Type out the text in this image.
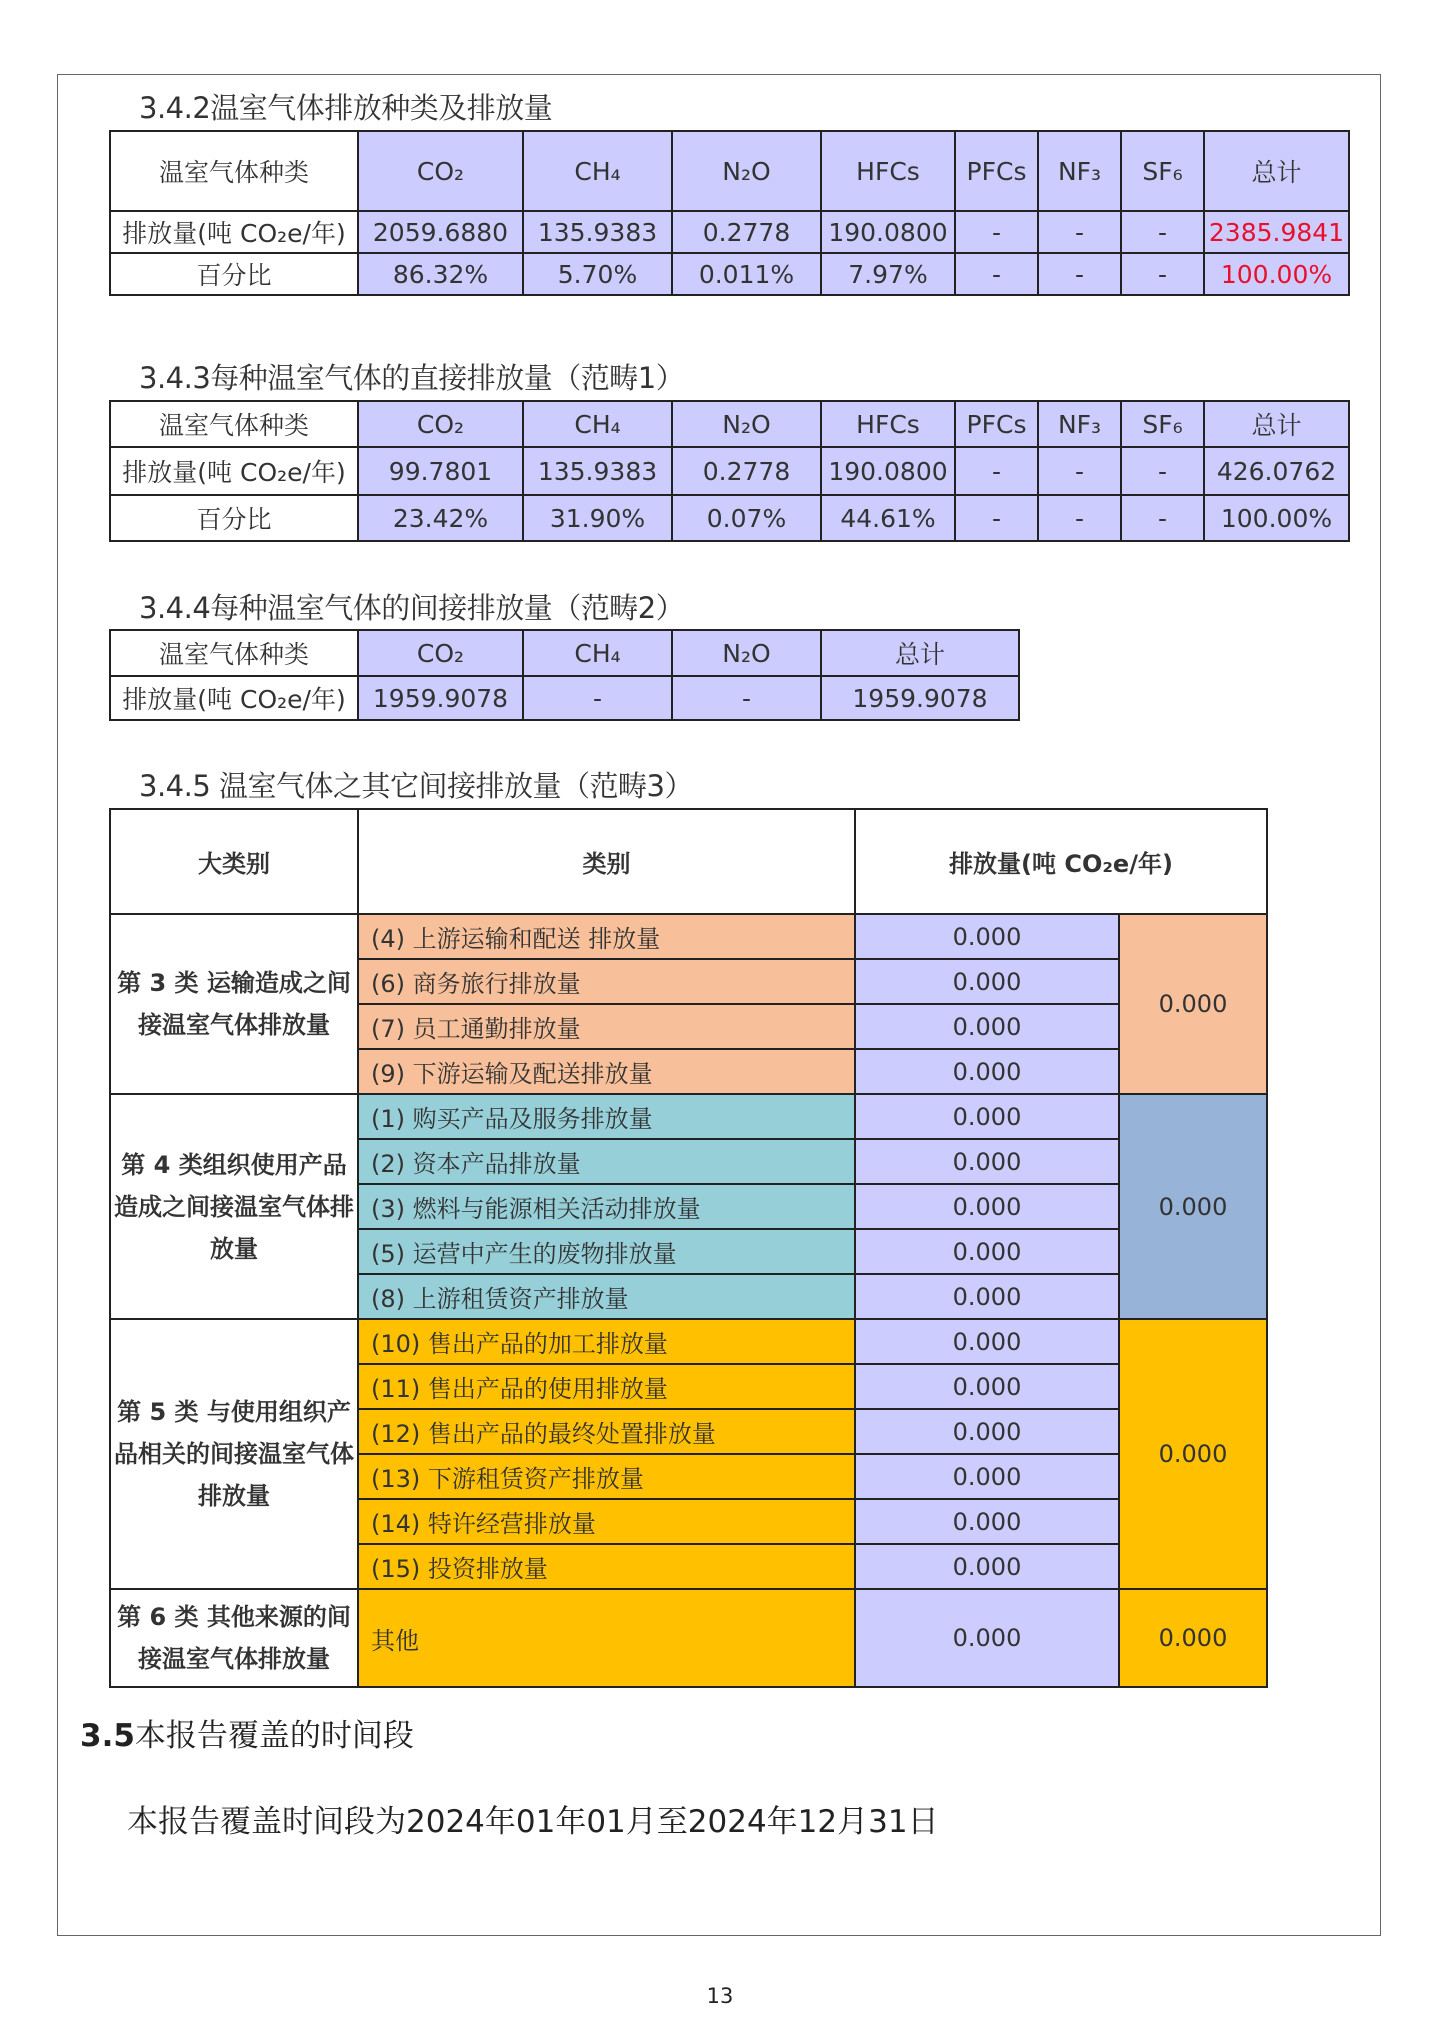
3.4.2温室气体排放种类及排放量
温室气体种类	CO₂	CH₄	N₂O	HFCs	PFCs	NF₃	SF₆	总计
排放量(吨 CO₂e/年)	2059.6880	135.9383	0.2778	190.0800	-	-	-	2385.9841
百分比	86.32%	5.70%	0.011%	7.97%	-	-	-	100.00%
3.4.3每种温室气体的直接排放量（范畴1）
温室气体种类	CO₂	CH₄	N₂O	HFCs	PFCs	NF₃	SF₆	总计
排放量(吨 CO₂e/年)	99.7801	135.9383	0.2778	190.0800	-	-	-	426.0762
百分比	23.42%	31.90%	0.07%	44.61%	-	-	-	100.00%
3.4.4每种温室气体的间接排放量（范畴2）
温室气体种类	CO₂	CH₄	N₂O	总计
排放量(吨 CO₂e/年)	1959.9078	-	-	1959.9078
3.4.5 温室气体之其它间接排放量（范畴3）
大类别	类别	排放量(吨 CO₂e/年)	
第 3 类 运输造成之间接温室气体排放量	(4) 上游运输和配送 排放量	0.000	0.000
	(6) 商务旅行排放量	0.000	
	(7) 员工通勤排放量	0.000	
	(9) 下游运输及配送排放量	0.000	
第 4 类组织使用产品造成之间接温室气体排放量	(1) 购买产品及服务排放量	0.000	0.000
	(2) 资本产品排放量	0.000	
	(3) 燃料与能源相关活动排放量	0.000	
	(5) 运营中产生的废物排放量	0.000	
	(8) 上游租赁资产排放量	0.000	
第 5 类 与使用组织产品相关的间接温室气体排放量	(10) 售出产品的加工排放量	0.000	0.000
	(11) 售出产品的使用排放量	0.000	
	(12) 售出产品的最终处置排放量	0.000	
	(13) 下游租赁资产排放量	0.000	
	(14) 特许经营排放量	0.000	
	(15) 投资排放量	0.000	
第 6 类 其他来源的间接温室气体排放量	其他	0.000	0.000
3.5本报告覆盖的时间段
本报告覆盖时间段为2024年01年01月至2024年12月31日
13
